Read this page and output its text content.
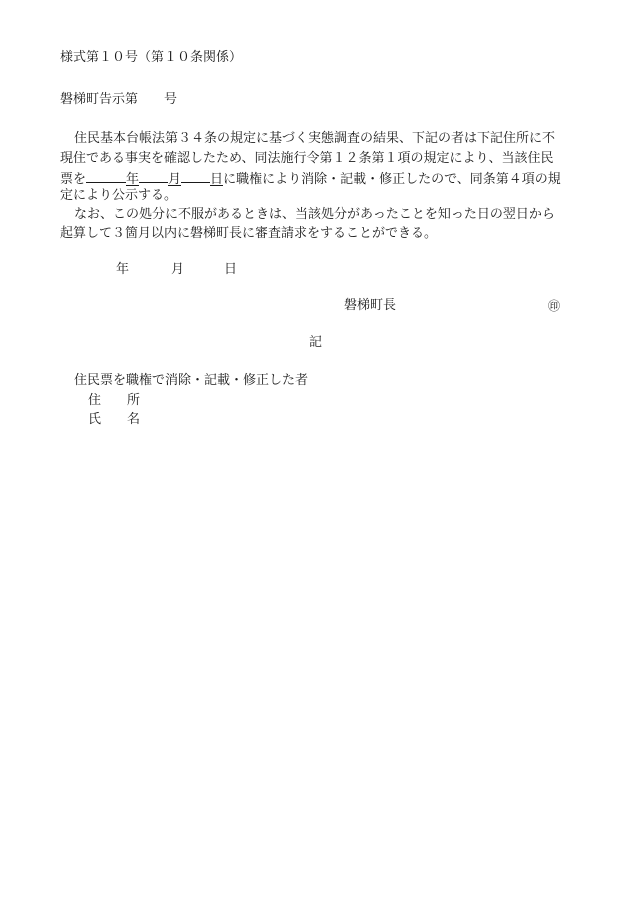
様式第１０号（第１０条関係）
磐梯町告示第　　号
住民基本台帳法第３４条の規定に基づく実態調査の結果、下記の者は下記住所に不
現住である事実を確認したため、同法施行令第１２条第１項の規定により、当該住民
票を	年 月 日に職権により消除・記載・修正したので、同条第４項の規
定により公示する。
なお、この処分に不服があるときは、当該処分があったことを知った日の翌日から
起算して３箇月以内に磐梯町長に審査請求をすることができる。
年	月	日
磐梯町長	㊞
記
住民票を職権で消除・記載・修正した者
住　　所
氏　　名
